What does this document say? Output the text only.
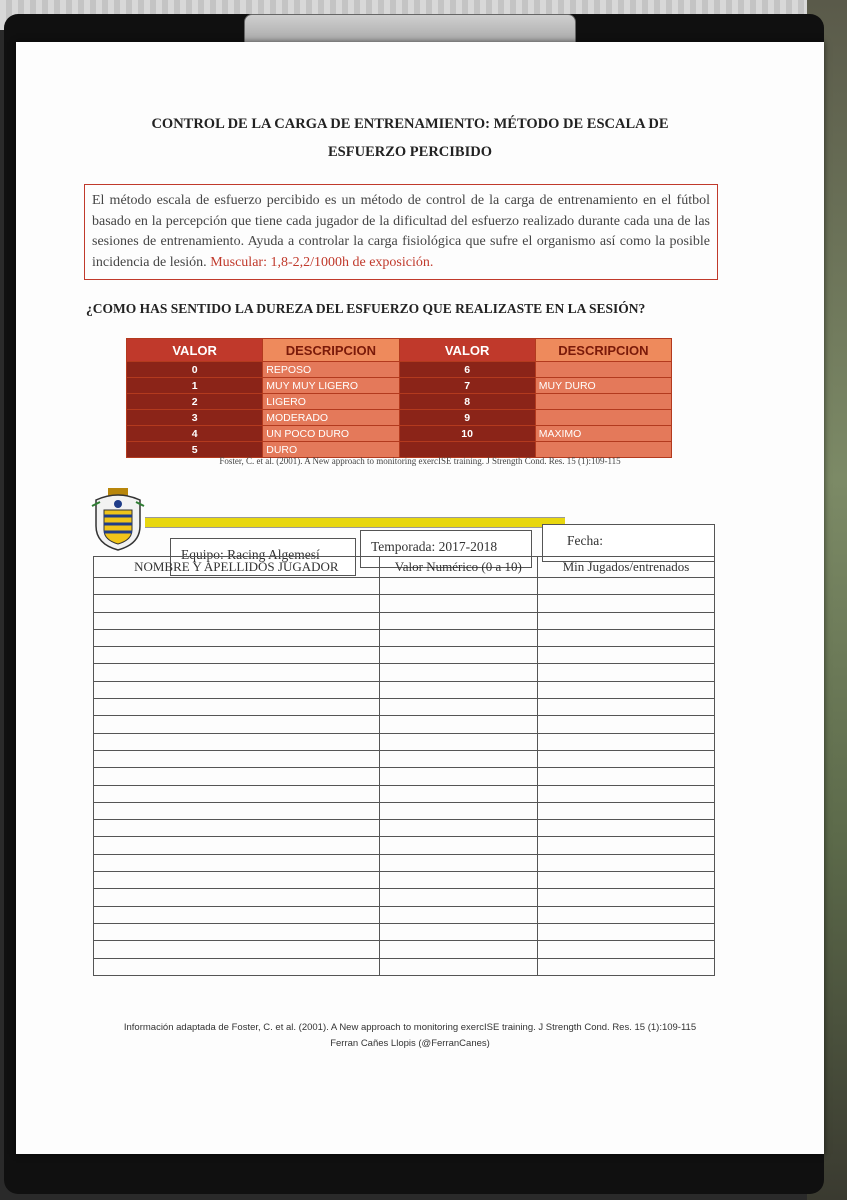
CONTROL DE LA CARGA DE ENTRENAMIENTO: MÉTODO DE ESCALA DE
ESFUERZO PERCIBIDO
El método escala de esfuerzo percibido es un método de control de la carga de entrenamiento en el fútbol basado en la percepción que tiene cada jugador de la dificultad del esfuerzo realizado durante cada una de las sesiones de entrenamiento. Ayuda a controlar la carga fisiológica que sufre el organismo así como la posible incidencia de lesión. Muscular: 1,8-2,2/1000h de exposición.
¿COMO HAS SENTIDO LA DUREZA DEL ESFUERZO QUE REALIZASTE EN LA SESIÓN?
VALOR	DESCRIPCION	VALOR	DESCRIPCION
0	REPOSO	6	
1	MUY MUY LIGERO	7	MUY DURO
2	LIGERO	8	
3	MODERADO	9	
4	UN POCO DURO	10	MAXIMO
5	DURO		
Foster, C. et al. (2001). A New approach to monitoring exercISE training. J Strength Cond. Res. 15 (1):109-115
Equipo: Racing Algemesí
Temporada: 2017-2018	Fecha:
NOMBRE Y APELLIDOS JUGADOR	Valor Numérico (0 a 10)	Min Jugados/entrenados

Información adaptada de Foster, C. et al. (2001). A New approach to monitoring exercISE training. J Strength Cond. Res. 15 (1):109-115
Ferran Cañes Llopis (@FerranCanes)
